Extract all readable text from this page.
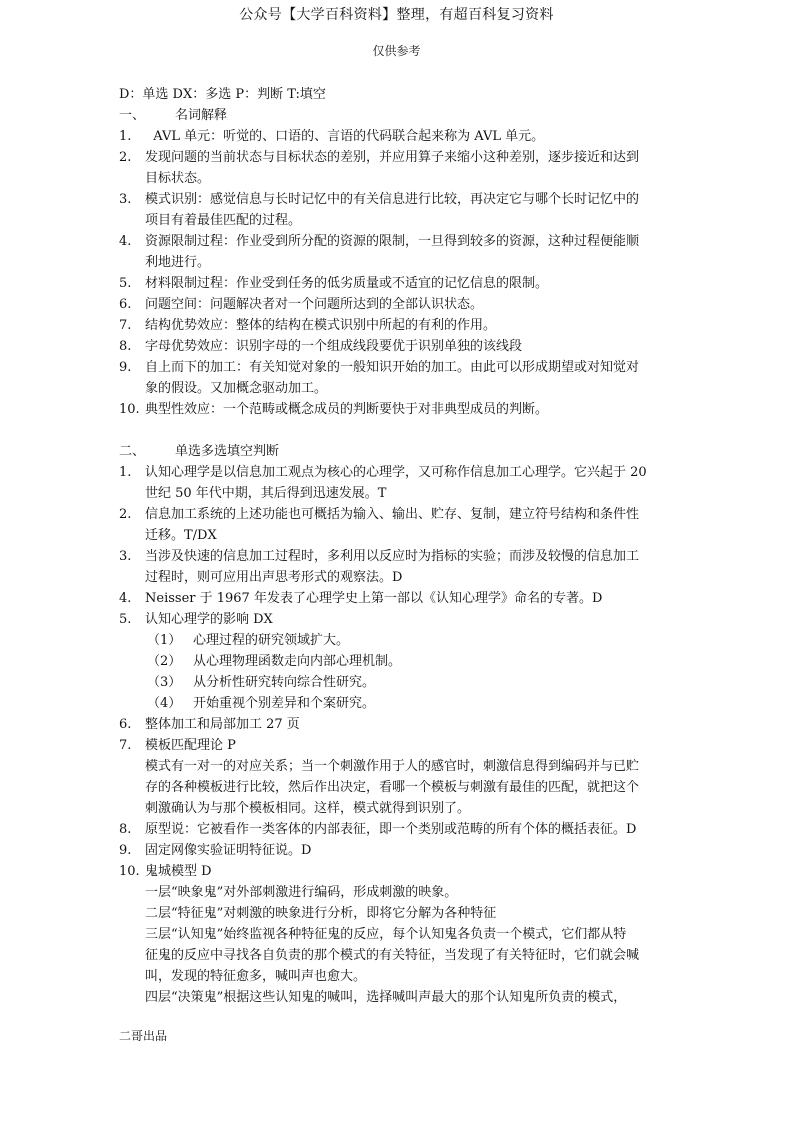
公众号【大学百科资料】整理，有超百科复习资料
仅供参考
D：单选 DX：多选 P：判断 T:填空
一、	名词解释
1.	AVL 单元：听觉的、口语的、言语的代码联合起来称为 AVL 单元。

2.	发现问题的当前状态与目标状态的差别，并应用算子来缩小这种差别，逐步接近和达到

目标状态。

3.	模式识别：感觉信息与长时记忆中的有关信息进行比较，再决定它与哪个长时记忆中的

项目有着最佳匹配的过程。

4.	资源限制过程：作业受到所分配的资源的限制，一旦得到较多的资源，这种过程便能顺

利地进行。

5.	材料限制过程：作业受到任务的低劣质量或不适宜的记忆信息的限制。

6.	问题空间：问题解决者对一个问题所达到的全部认识状态。

7.	结构优势效应：整体的结构在模式识别中所起的有利的作用。

8.	字母优势效应：识别字母的一个组成线段要优于识别单独的该线段

9.	自上而下的加工：有关知觉对象的一般知识开始的加工。由此可以形成期望或对知觉对

象的假设。又加概念驱动加工。

10. 典型性效应：一个范畴或概念成员的判断要快于对非典型成员的判断。

二、	单选多选填空判断
1.	认知心理学是以信息加工观点为核心的心理学，又可称作信息加工心理学。它兴起于 20

世纪 50 年代中期，其后得到迅速发展。T

2.	信息加工系统的上述功能也可概括为输入、输出、贮存、复制，建立符号结构和条件性

迁移。T/DX

3.	当涉及快速的信息加工过程时，多利用以反应时为指标的实验；而涉及较慢的信息加工

过程时，则可应用出声思考形式的观察法。D

4.	Neisser 于 1967 年发表了心理学史上第一部以《认知心理学》命名的专著。D

5.	认知心理学的影响 DX

（1） 心理过程的研究领域扩大。
（2） 从心理物理函数走向内部心理机制。
（3） 从分析性研究转向综合性研究。
（4） 开始重视个别差异和个案研究。
6.	整体加工和局部加工 27 页

7.	模板匹配理论 P

模式有一对一的对应关系；当一个刺激作用于人的感官时，刺激信息得到编码并与已贮

存的各种模板进行比较，然后作出决定，看哪一个模板与刺激有最佳的匹配，就把这个

刺激确认为与那个模板相同。这样，模式就得到识别了。

8.	原型说：它被看作一类客体的内部表征，即一个类别或范畴的所有个体的概括表征。D

9.	固定网像实验证明特征说。D

10. 鬼城模型 D

一层“映象鬼”对外部刺激进行编码，形成刺激的映象。

二层“特征鬼”对刺激的映象进行分析，即将它分解为各种特征

三层“认知鬼”始终监视各种特征鬼的反应，每个认知鬼各负责一个模式，它们都从特

征鬼的反应中寻找各自负责的那个模式的有关特征，当发现了有关特征时，它们就会喊

叫，发现的特征愈多，喊叫声也愈大。

四层“决策鬼”根据这些认知鬼的喊叫，选择喊叫声最大的那个认知鬼所负责的模式，

二哥出品
